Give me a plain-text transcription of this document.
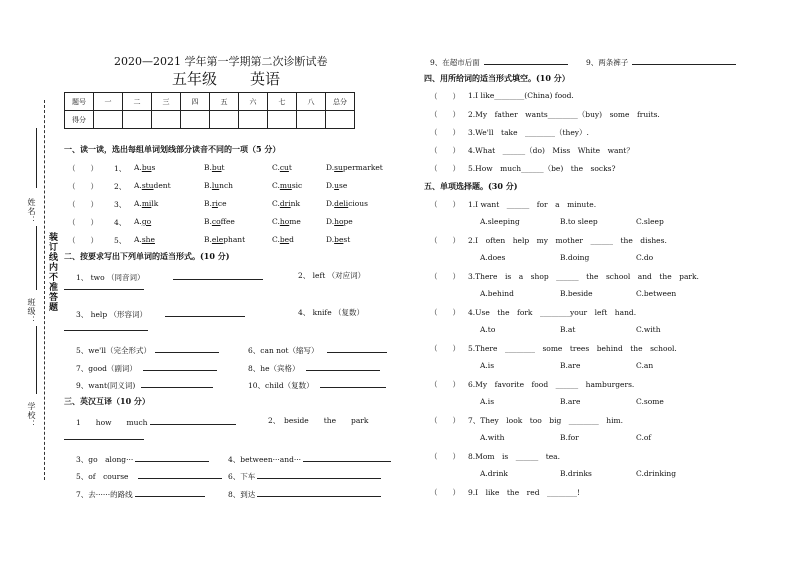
姓名：
班级： 装订线内不准答题
学校：
2020—2021 学年第一学期第二次诊断试卷
五年级 英语
题号	一	二	三	四	五	六	七	八	总分
得分									
一、读一读，选出每组单词划线部分读音不同的一项（5 分）
（　　） 1、 A.bus	B.but	C.cut	D.supermarket
（　　） 2、 A.student	B.lunch	C.music	D.use
（　　） 3、 A.milk	B.rice	C.drink	D.delicious
（　　） 4、 A.go	B.coffee	C.home	D.hope
（　　） 5、 A.she	B.elephant	C.bed	D.best
二、按要求写出下列单词的适当形式。(10 分)
1、 two （同音词）	2、 left （对应词）
3、 help （形容词）	4、 knife （复数）
5、we'll（完全形式）	6、can not（缩写）
7、good（副词）	8、he（宾格）
9、want(同义词)	10、child（复数）
三、英汉互译（10 分）
1　　how　　much	2、　beside　　the　　park
3、go　along···	4、between···and···
5、of　course	6、下车
7、去······的路线	8、到达
9、在超市后面	9、两条裤子
四、用所给词的适当形式填空。(10 分）
（　　） 1.I like________(China) food.
（　　） 2.My　father　wants________（buy)　some　fruits.
（　　） 3.We'll　take　________（they）.
（　　） 4.What　______（do)　Miss　White　want？
（　　） 5.How　much______（be)　the　socks?
五、单项选择题。(30 分)
（　　） 1.I want　______　for　a　minute.
A.sleeping	B.to sleep	C.sleep
（　　） 2.I　often　help　my　mother　______　the　dishes.
A.does	B.doing	C.do
（　　） 3.There　is　a　shop　______　the　school　and　the　park.
A.behind	B.beside	C.between
（　　） 4.Use　the　fork　________your　left　hand.
A.to	B.at	C.with
（　　） 5.There　________　some　trees　behind　the　school.
A.is	B.are	C.an
（　　） 6.My　favorite　food　______　hamburgers.
A.is	B.are	C.some
（　　） 7、They　look　too　big　________　him.
A.with	B.for	C.of
（　　） 8.Mom　is　______　tea.
A.drink	B.drinks	C.drinking
（　　） 9.I　like　the　red　________!
